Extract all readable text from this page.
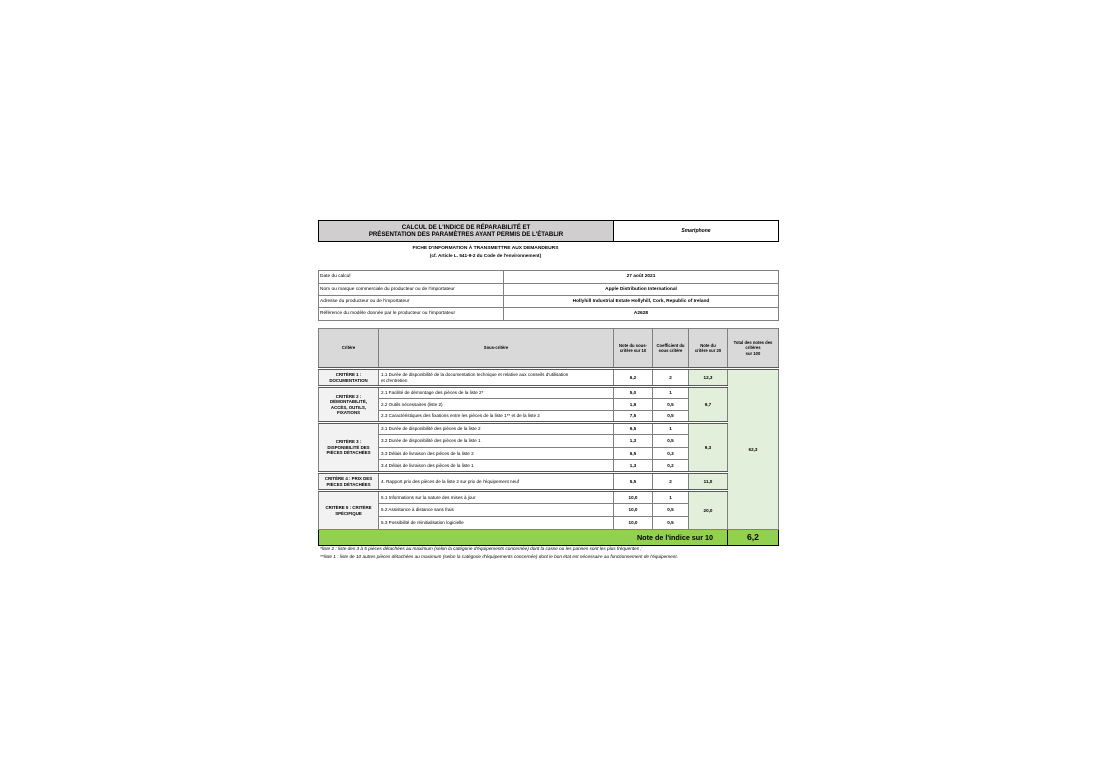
CALCUL DE L'INDICE DE RÉPARABILITÉ ET
PRÉSENTATION DES PARAMÈTRES AYANT PERMIS DE L'ÉTABLIR	Smartphone
FICHE D'INFORMATION À TRANSMETTRE AUX DEMANDEURS
(cf. Article L. 541-9-2 du Code de l'environnement)
Date du calcul	27 août 2021
Nom ou marque commerciale du producteur ou de l'importateur	Apple Distribution International
Adresse du producteur ou de l'importateur	Hollyhill Industrial Estate Hollyhill, Cork, Republic of Ireland
Référence du modèle donnée par le producteur ou l'importateur	A2628
Critère	Sous-critère	Note du sous-
critère sur 10	Coefficient du
sous critère	Note du
critère sur 20	Total des notes des
critères
sur 100
CRITÈRE 1 :
DOCUMENTATION	1.1 Durée de disponibilité de la documentation technique et relative aux conseils d'utilisation
et d'entretien	6,2	2	12,3	62,3
CRITÈRE 2 :
DÉMONTABILITÉ,
ACCÈS, OUTILS,
FIXATIONS	2.1 Facilité de démontage des pièces de la liste 2*	5,0	1	9,7	
	2.2 Outils nécessaires (liste 2)	1,9	0,5		
	2.3 Caractéristiques des fixations entre les pièces de la liste 1** et de la liste 2	7,5	0,5		
CRITÈRE 3 :
DISPONIBILITÉ DES
PIÈCES DÉTACHÉES	3.1 Durée de disponibilité des pièces de la liste 2	6,5	1	9,3	
	3.2 Durée de disponibilité des pièces de la liste 1	1,3	0,5		
	3.3 Délais de livraison des pièces de la liste 2	6,5	0,3		
	3.4 Délais de livraison des pièces de la liste 1	1,3	0,2		
CRITÈRE 4 : PRIX DES
PIÈCES DÉTACHÉES	4. Rapport prix des pièces de la liste 2 sur prix de l'équipement neuf	5,5	2	11,0	
CRITÈRE 5 : CRITÈRE
SPÉCIFIQUE	5.1 Informations sur la nature des mises à jour	10,0	1	20,0	
	5.2 Assistance à distance sans frais	10,0	0,5		
	5.3 Possibilité de réinitialisation logicielle	10,0	0,5		
Note de l'indice sur 10					6,2
*liste 2 : liste des 3 à 5 pièces détachées au maximum (selon la catégorie d'équipements concernée) dont la casse ou les pannes sont les plus fréquentes ;
**liste 1 : liste de 10 autres pièces détachées au maximum (selon la catégorie d'équipements concernée) dont le bon état est nécessaire au fonctionnement de l'équipement.
